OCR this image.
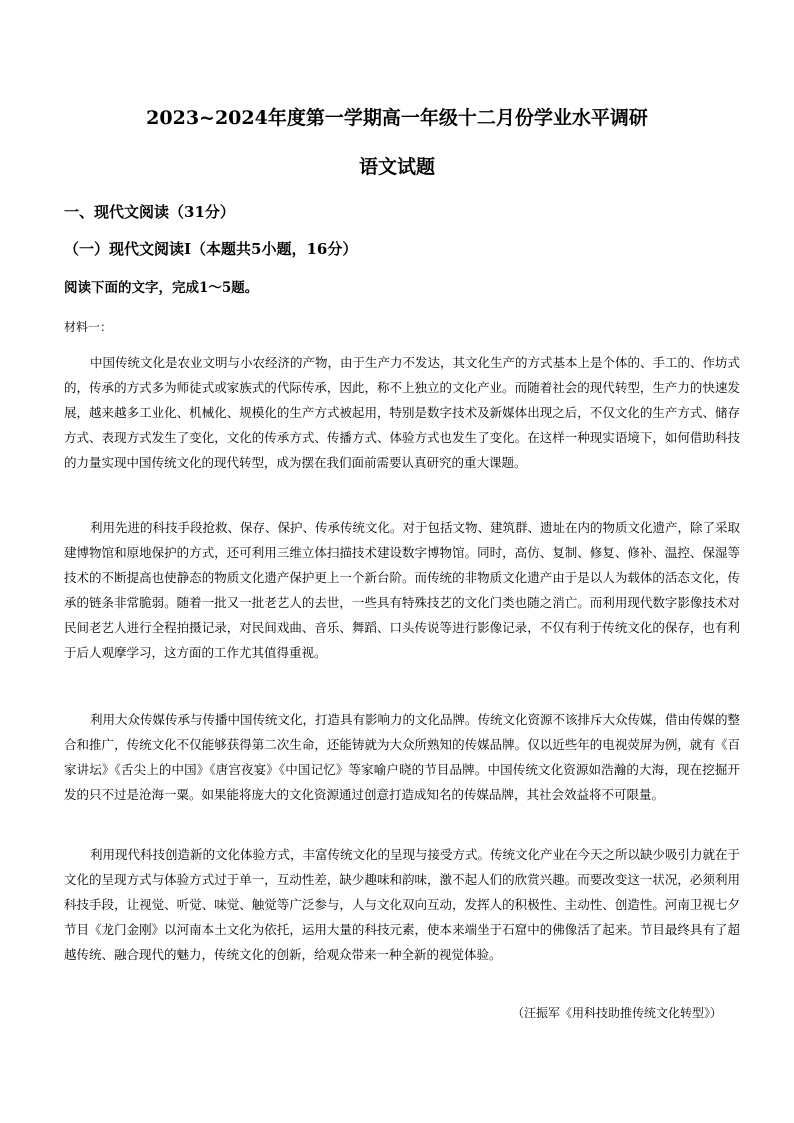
2023~2024年度第一学期高一年级十二月份学业水平调研
语文试题

一、现代文阅读（31分）

（一）现代文阅读Ⅰ（本题共5小题，16分）

阅读下面的文字，完成1～5题。

材料一：

中国传统文化是农业文明与小农经济的产物，由于生产力不发达，其文化生产的方式基本上是个体的、手工的、作坊式的，传承的方式多为师徒式或家族式的代际传承，因此，称不上独立的文化产业。而随着社会的现代转型，生产力的快速发展，越来越多工业化、机械化、规模化的生产方式被起用，特别是数字技术及新媒体出现之后，不仅文化的生产方式、储存方式、表现方式发生了变化，文化的传承方式、传播方式、体验方式也发生了变化。在这样一种现实语境下，如何借助科技的力量实现中国传统文化的现代转型，成为摆在我们面前需要认真研究的重大课题。

利用先进的科技手段抢救、保存、保护、传承传统文化。对于包括文物、建筑群、遗址在内的物质文化遗产，除了采取建博物馆和原地保护的方式，还可利用三维立体扫描技术建设数字博物馆。同时，高仿、复制、修复、修补、温控、保湿等技术的不断提高也使静态的物质文化遗产保护更上一个新台阶。而传统的非物质文化遗产由于是以人为载体的活态文化，传承的链条非常脆弱。随着一批又一批老艺人的去世，一些具有特殊技艺的文化门类也随之消亡。而利用现代数字影像技术对民间老艺人进行全程拍摄记录，对民间戏曲、音乐、舞蹈、口头传说等进行影像记录，不仅有利于传统文化的保存，也有利于后人观摩学习，这方面的工作尤其值得重视。

利用大众传媒传承与传播中国传统文化，打造具有影响力的文化品牌。传统文化资源不该排斥大众传媒，借由传媒的整合和推广，传统文化不仅能够获得第二次生命，还能铸就为大众所熟知的传媒品牌。仅以近些年的电视荧屏为例，就有《百家讲坛》《舌尖上的中国》《唐宫夜宴》《中国记忆》等家喻户晓的节目品牌。中国传统文化资源如浩瀚的大海，现在挖掘开发的只不过是沧海一粟。如果能将庞大的文化资源通过创意打造成知名的传媒品牌，其社会效益将不可限量。

利用现代科技创造新的文化体验方式，丰富传统文化的呈现与接受方式。传统文化产业在今天之所以缺少吸引力就在于文化的呈现方式与体验方式过于单一，互动性差，缺少趣味和韵味，激不起人们的欣赏兴趣。而要改变这一状况，必须利用科技手段，让视觉、听觉、味觉、触觉等广泛参与，人与文化双向互动，发挥人的积极性、主动性、创造性。河南卫视七夕节目《龙门金刚》以河南本土文化为依托，运用大量的科技元素，使本来端坐于石窟中的佛像活了起来。节目最终具有了超越传统、融合现代的魅力，传统文化的创新，给观众带来一种全新的视觉体验。

（汪振军《用科技助推传统文化转型》）
